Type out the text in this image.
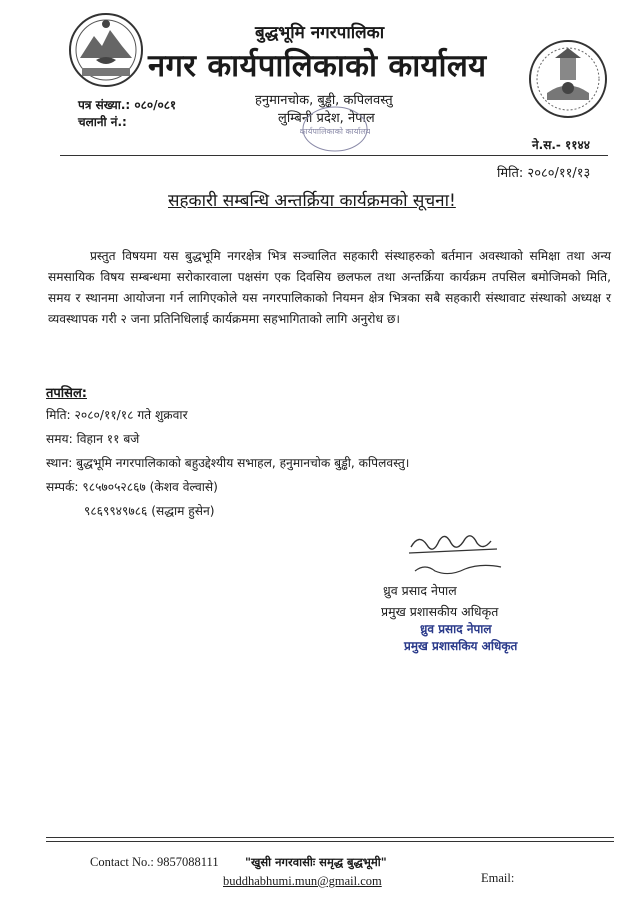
बुद्धभूमि नगरपालिका
नगर कार्यपालिकाको कार्यालय
हनुमानचोक, बुड्ढी, कपिलवस्तु
लुम्बिनी प्रदेश, नेपाल
कार्यपालिकाको कार्यालय
पत्र संख्या.: ०८०/०८१
चलानी नं.:
ने.स.- ११४४
मिति: २०८०/११/१३
सहकारी सम्बन्धि अन्तर्क्रिया कार्यक्रमको सूचना!
प्रस्तुत विषयमा यस बुद्धभूमि नगरक्षेत्र भित्र सञ्चालित सहकारी संस्थाहरुको बर्तमान अवस्थाको समिक्षा तथा अन्य समसायिक विषय सम्बन्धमा सरोकारवाला पक्षसंग एक दिवसिय छलफल तथा अन्तर्क्रिया कार्यक्रम तपसिल बमोजिमको मिति, समय र स्थानमा आयोजना गर्न लागिएकोले यस नगरपालिकाको नियमन क्षेत्र भित्रका सबै सहकारी संस्थावाट संस्थाको अध्यक्ष र व्यवस्थापक गरी २ जना प्रतिनिधिलाई कार्यक्रममा सहभागिताको लागि अनुरोध छ।
तपसिल:
मिति: २०८०/११/१८ गते शुक्रवार
समय: विहान ११ बजे
स्थान: बुद्धभूमि नगरपालिकाको बहुउद्देश्यीय सभाहल, हनुमानचोक बुड्ढी, कपिलवस्तु।
सम्पर्क: ९८५७०५२८६७ (केशव वेल्वासे)
९८६९९४९७८६ (सद्धाम हुसेन)
ध्रुव प्रसाद नेपाल
प्रमुख प्रशासकीय अधिकृत
ध्रुव प्रसाद नेपाल
प्रमुख प्रशासकिय अधिकृत
Contact No.: 9857088111 "खुसी नगरवासीः समृद्ध बुद्धभूमी"
buddhabhumi.mun@gmail.com	Email:
